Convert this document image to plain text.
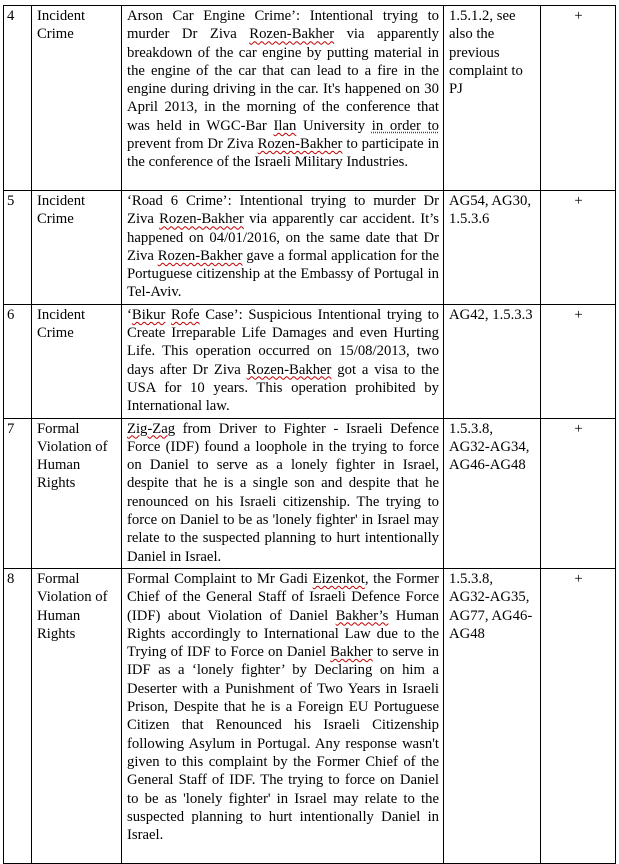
4	Incident Crime	Arson Car Engine Crime’: Intentional trying to murder Dr Ziva Rozen-Bakher via apparently breakdown of the car engine by putting material in the engine of the car that can lead to a fire in the engine during driving in the car. It's happened on 30 April 2013, in the morning of the conference that was held in WGC-Bar Ilan University in order to prevent from Dr Ziva Rozen-Bakher to participate in the conference of the Israeli Military Industries.	1.5.1.2, see also the previous complaint to PJ	+
5	Incident Crime	‘Road 6 Crime’: Intentional trying to murder Dr Ziva Rozen-Bakher via apparently car accident. It’s happened on 04/01/2016, on the same date that Dr Ziva Rozen-Bakher gave a formal application for the Portuguese citizenship at the Embassy of Portugal in Tel-Aviv.	AG54, AG30, 1.5.3.6	+
6	Incident Crime	‘Bikur Rofe Case’: Suspicious Intentional trying to Create Irreparable Life Damages and even Hurting Life. This operation occurred on 15/08/2013, two days after Dr Ziva Rozen-Bakher got a visa to the USA for 10 years. This operation prohibited by International law.	AG42, 1.5.3.3	+
7	Formal Violation of Human Rights	Zig-Zag from Driver to Fighter - Israeli Defence Force (IDF) found a loophole in the trying to force on Daniel to serve as a lonely fighter in Israel, despite that he is a single son and despite that he renounced on his Israeli citizenship. The trying to force on Daniel to be as 'lonely fighter' in Israel may relate to the suspected planning to hurt intentionally Daniel in Israel.	1.5.3.8, AG32-AG34, AG46-AG48	+
8	Formal Violation of Human Rights	Formal Complaint to Mr Gadi Eizenkot, the Former Chief of the General Staff of Israeli Defence Force (IDF) about Violation of Daniel Bakher’s Human Rights accordingly to International Law due to the Trying of IDF to Force on Daniel Bakher to serve in IDF as a ‘lonely fighter’ by Declaring on him a Deserter with a Punishment of Two Years in Israeli Prison, Despite that he is a Foreign EU Portuguese Citizen that Renounced his Israeli Citizenship following Asylum in Portugal. Any response wasn't given to this complaint by the Former Chief of the General Staff of IDF. The trying to force on Daniel to be as 'lonely fighter' in Israel may relate to the suspected planning to hurt intentionally Daniel in Israel.	1.5.3.8, AG32-AG35, AG77, AG46-AG48	+
